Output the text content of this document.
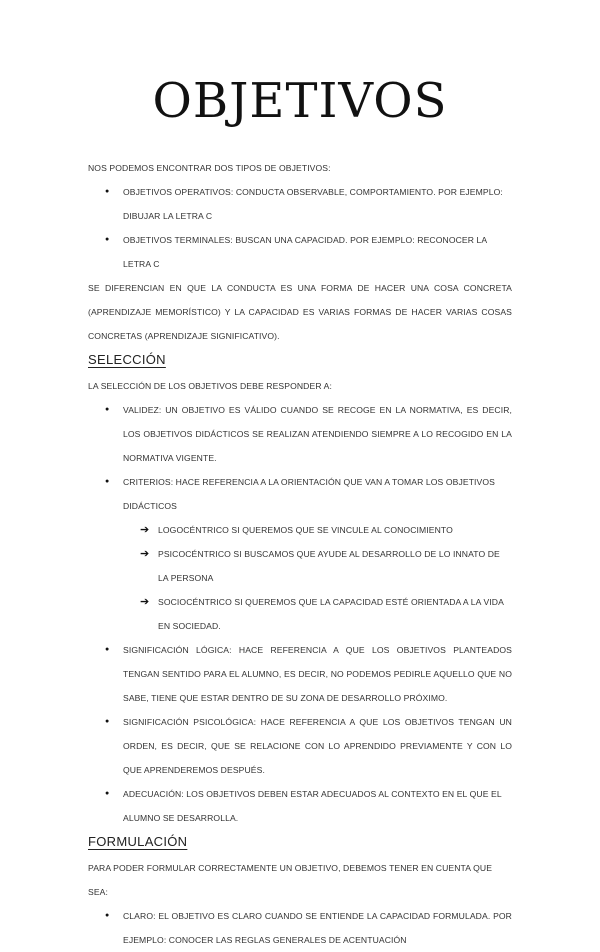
OBJETIVOS

NOS PODEMOS ENCONTRAR DOS TIPOS DE OBJETIVOS:

● OBJETIVOS OPERATIVOS: CONDUCTA OBSERVABLE, COMPORTAMIENTO. POR EJEMPLO: DIBUJAR LA LETRA C
● OBJETIVOS TERMINALES: BUSCAN UNA CAPACIDAD. POR EJEMPLO: RECONOCER LA LETRA C

SE DIFERENCIAN EN QUE LA CONDUCTA ES UNA FORMA DE HACER UNA COSA CONCRETA (APRENDIZAJE MEMORÍSTICO) Y LA CAPACIDAD ES VARIAS FORMAS DE HACER VARIAS COSAS CONCRETAS (APRENDIZAJE SIGNIFICATIVO).

SELECCIÓN

LA SELECCIÓN DE LOS OBJETIVOS DEBE RESPONDER A:

● VALIDEZ: UN OBJETIVO ES VÁLIDO CUANDO SE RECOGE EN LA NORMATIVA, ES DECIR, LOS OBJETIVOS DIDÁCTICOS SE REALIZAN ATENDIENDO SIEMPRE A LO RECOGIDO EN LA NORMATIVA VIGENTE.
● CRITERIOS: HACE REFERENCIA A LA ORIENTACIÓN QUE VAN A TOMAR LOS OBJETIVOS DIDÁCTICOS
➔ LOGOCÉNTRICO SI QUEREMOS QUE SE VINCULE AL CONOCIMIENTO
➔ PSICOCÉNTRICO SI BUSCAMOS QUE AYUDE AL DESARROLLO DE LO INNATO DE LA PERSONA
➔ SOCIOCÉNTRICO SI QUEREMOS QUE LA CAPACIDAD ESTÉ ORIENTADA A LA VIDA EN SOCIEDAD.
● SIGNIFICACIÓN LÓGICA: HACE REFERENCIA A QUE LOS OBJETIVOS PLANTEADOS TENGAN SENTIDO PARA EL ALUMNO, ES DECIR, NO PODEMOS PEDIRLE AQUELLO QUE NO SABE, TIENE QUE ESTAR DENTRO DE SU ZONA DE DESARROLLO PRÓXIMO.
● SIGNIFICACIÓN PSICOLÓGICA: HACE REFERENCIA A QUE LOS OBJETIVOS TENGAN UN ORDEN, ES DECIR, QUE SE RELACIONE CON LO APRENDIDO PREVIAMENTE Y CON LO QUE APRENDEREMOS DESPUÉS.
● ADECUACIÓN: LOS OBJETIVOS DEBEN ESTAR ADECUADOS AL CONTEXTO EN EL QUE EL ALUMNO SE DESARROLLA.
FORMULACIÓN

PARA PODER FORMULAR CORRECTAMENTE UN OBJETIVO, DEBEMOS TENER EN CUENTA QUE SEA:

● CLARO: EL OBJETIVO ES CLARO CUANDO SE ENTIENDE LA CAPACIDAD FORMULADA. POR EJEMPLO: CONOCER LAS REGLAS GENERALES DE ACENTUACIÓN
